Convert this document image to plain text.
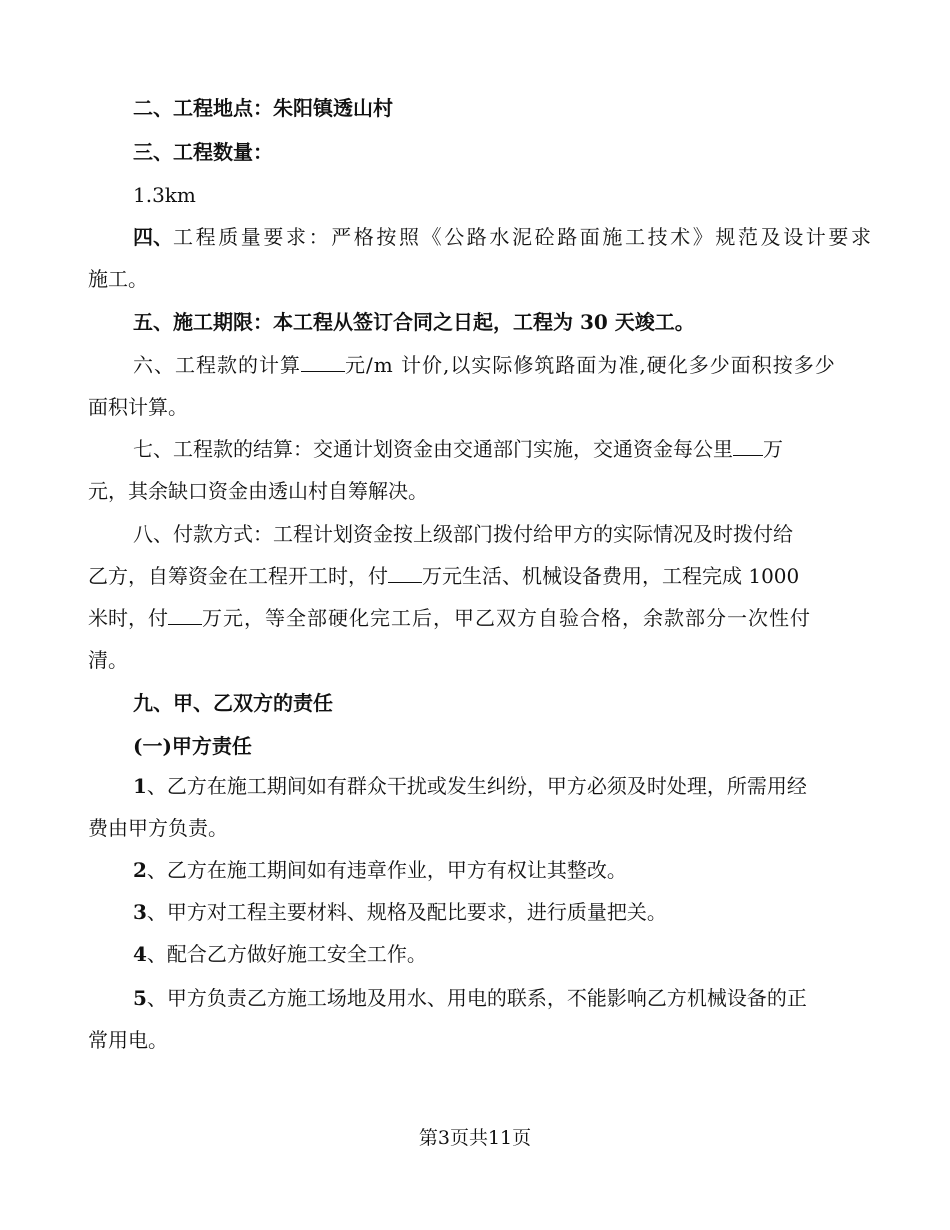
二、工程地点：朱阳镇透山村
三、工程数量：
1.3km
四、工程质量要求：严格按照《公路水泥砼路面施工技术》规范及设计要求
施工。
五、施工期限：本工程从签订合同之日起，工程为 30 天竣工。
六、工程款的计算 元/m 计价,以实际修筑路面为准,硬化多少面积按多少
面积计算。
七、工程款的结算：交通计划资金由交通部门实施，交通资金每公里 万
元，其余缺口资金由透山村自筹解决。
八、付款方式：工程计划资金按上级部门拨付给甲方的实际情况及时拨付给
乙方，自筹资金在工程开工时，付 万元生活、机械设备费用，工程完成 1000
米时，付 万元，等全部硬化完工后，甲乙双方自验合格，余款部分一次性付
清。
九、甲、乙双方的责任
(一)甲方责任
1、乙方在施工期间如有群众干扰或发生纠纷，甲方必须及时处理，所需用经
费由甲方负责。
2、乙方在施工期间如有违章作业，甲方有权让其整改。
3、甲方对工程主要材料、规格及配比要求，进行质量把关。
4、配合乙方做好施工安全工作。
5、甲方负责乙方施工场地及用水、用电的联系，不能影响乙方机械设备的正
常用电。
第3页共11页
